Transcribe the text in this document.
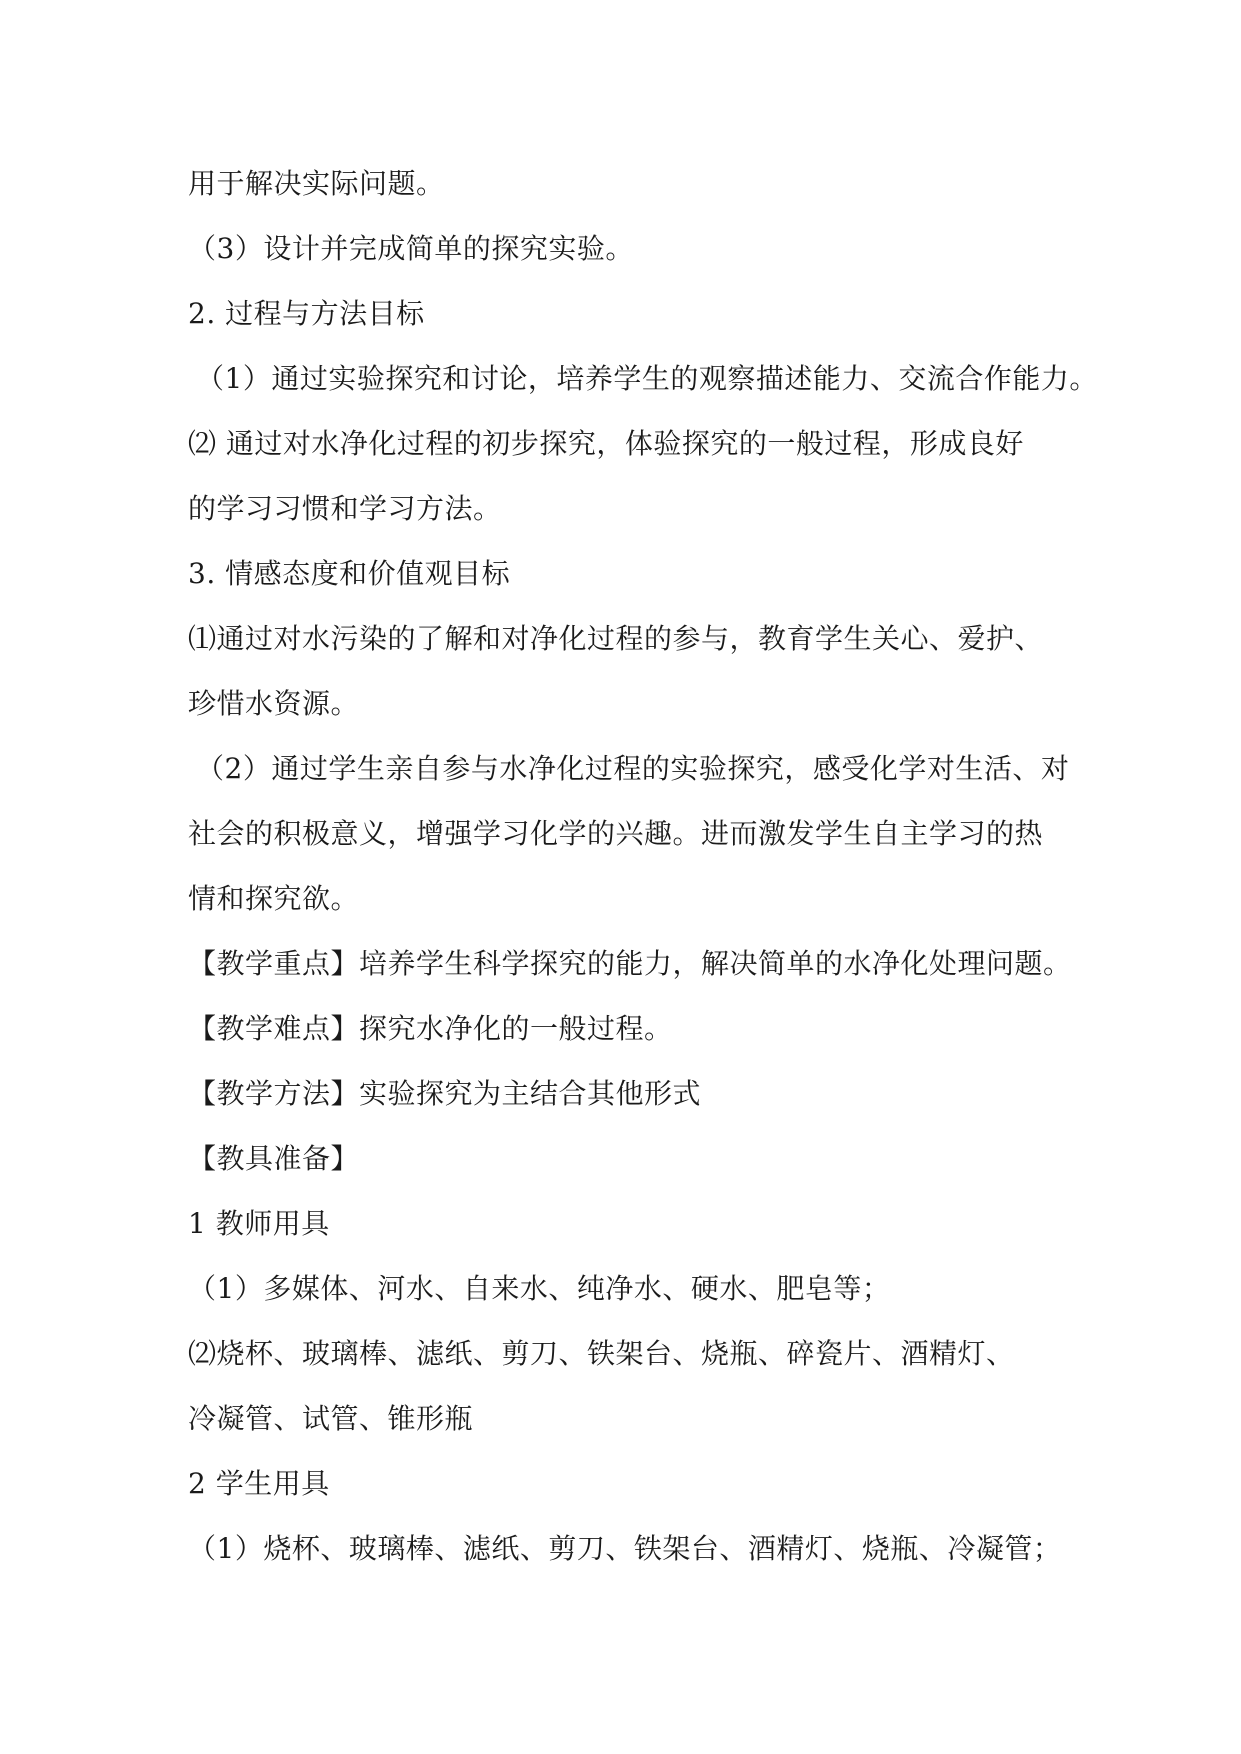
用于解决实际问题。
（3）设计并完成简单的探究实验。
2. 过程与方法目标
（1）通过实验探究和讨论，培养学生的观察描述能力、交流合作能力。
⑵ 通过对水净化过程的初步探究，体验探究的一般过程，形成良好
的学习习惯和学习方法。
3. 情感态度和价值观目标
⑴通过对水污染的了解和对净化过程的参与，教育学生关心、爱护、
珍惜水资源。
（2）通过学生亲自参与水净化过程的实验探究，感受化学对生活、对
社会的积极意义，增强学习化学的兴趣。进而激发学生自主学习的热
情和探究欲。
【教学重点】培养学生科学探究的能力，解决简单的水净化处理问题。
【教学难点】探究水净化的一般过程。
【教学方法】实验探究为主结合其他形式
【教具准备】
1 教师用具
（1）多媒体、河水、自来水、纯净水、硬水、肥皂等；
⑵烧杯、玻璃棒、滤纸、剪刀、铁架台、烧瓶、碎瓷片、酒精灯、
冷凝管、试管、锥形瓶
2 学生用具
（1）烧杯、玻璃棒、滤纸、剪刀、铁架台、酒精灯、烧瓶、冷凝管；
